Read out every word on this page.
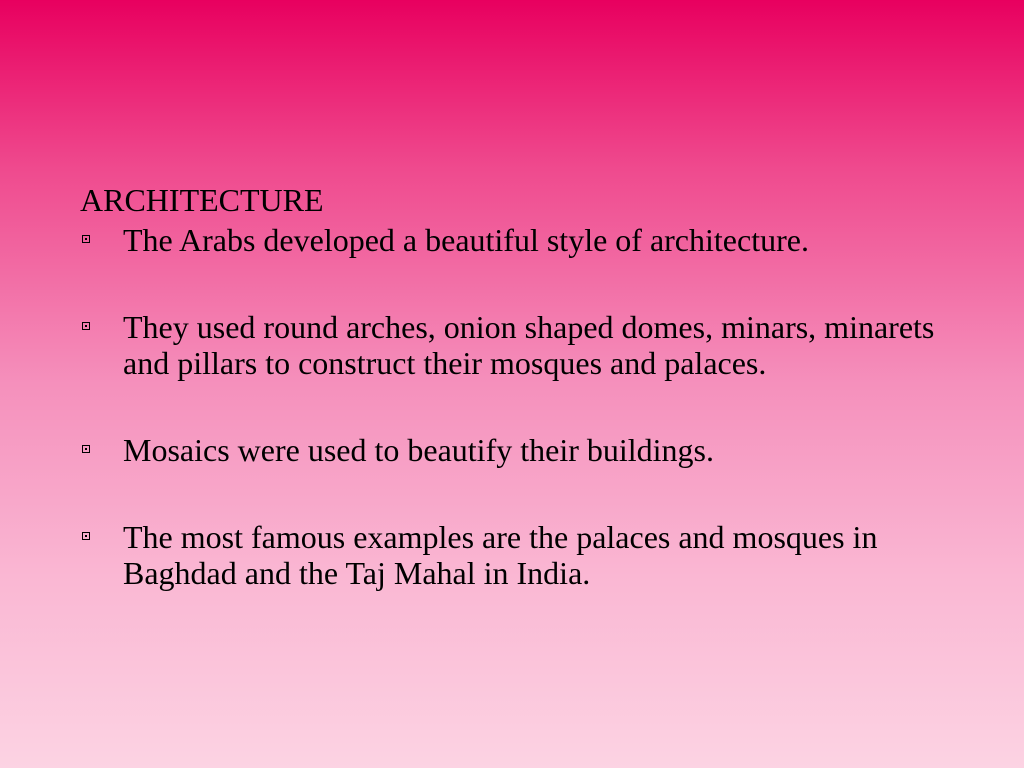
ARCHITECTURE
The Arabs developed a beautiful style of architecture.
They used round arches, onion shaped domes, minars, minarets and pillars to construct their mosques and palaces.
Mosaics were used to beautify their buildings.
The most famous examples are the palaces and mosques in Baghdad and the Taj Mahal in India.
